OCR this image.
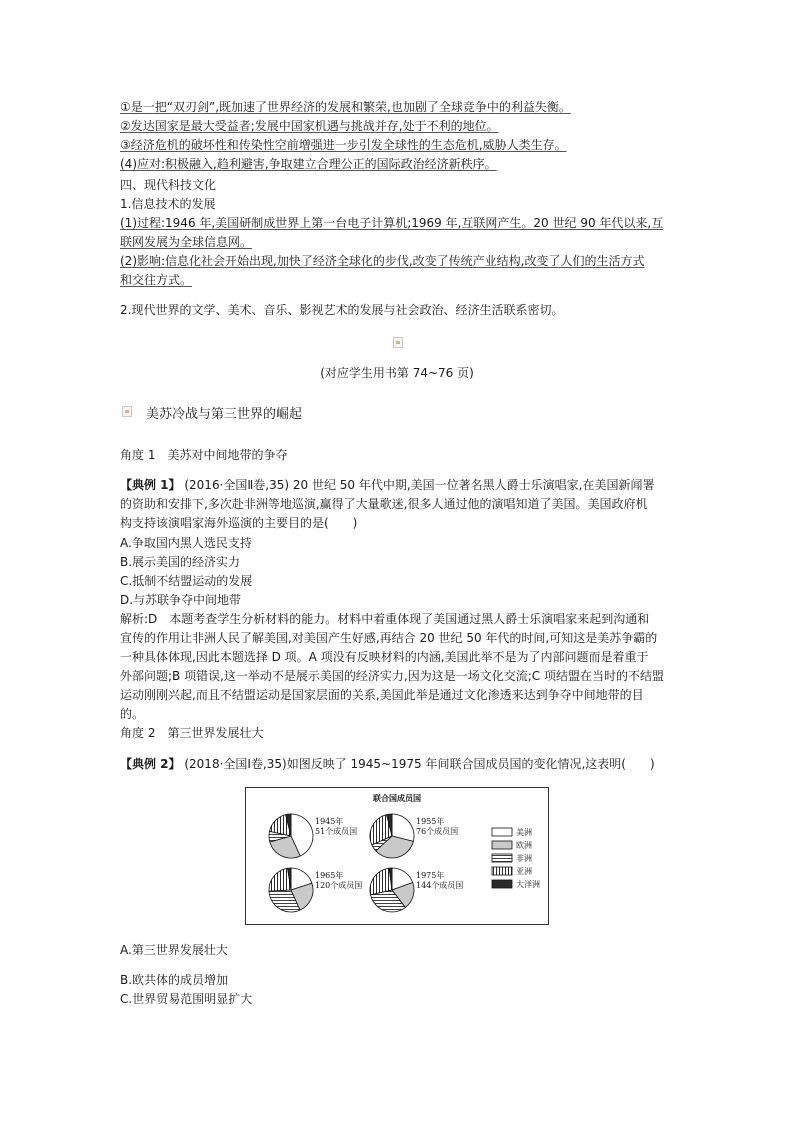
①是一把“双刃剑”,既加速了世界经济的发展和繁荣,也加剧了全球竞争中的利益失衡。
②发达国家是最大受益者;发展中国家机遇与挑战并存,处于不利的地位。
③经济危机的破坏性和传染性空前增强进一步引发全球性的生态危机,威胁人类生存。
(4)应对:积极融入,趋利避害,争取建立合理公正的国际政治经济新秩序。
四、现代科技文化
1.信息技术的发展
(1)过程:1946 年,美国研制成世界上第一台电子计算机;1969 年,互联网产生。20 世纪 90 年代以来,互
联网发展为全球信息网。
(2)影响:信息化社会开始出现,加快了经济全球化的步伐,改变了传统产业结构,改变了人们的生活方式
和交往方式。
2.现代世界的文学、美术、音乐、影视艺术的发展与社会政治、经济生活联系密切。
(对应学生用书第 74~76 页)
美苏冷战与第三世界的崛起
角度 1　美苏对中间地带的争夺
【典例 1】 (2016·全国Ⅱ卷,35) 20 世纪 50 年代中期,美国一位著名黑人爵士乐演唱家,在美国新闻署
的资助和安排下,多次赴非洲等地巡演,赢得了大量歌迷,很多人通过他的演唱知道了美国。美国政府机
构支持该演唱家海外巡演的主要目的是(　　)
A.争取国内黑人选民支持
B.展示美国的经济实力
C.抵制不结盟运动的发展
D.与苏联争夺中间地带
解析:D　本题考查学生分析材料的能力。材料中着重体现了美国通过黑人爵士乐演唱家来起到沟通和
宣传的作用让非洲人民了解美国,对美国产生好感,再结合 20 世纪 50 年代的时间,可知这是美苏争霸的
一种具体体现,因此本题选择 D 项。A 项没有反映材料的内涵,美国此举不是为了内部问题而是着重于
外部问题;B 项错误,这一举动不是展示美国的经济实力,因为这是一场文化交流;C 项结盟在当时的不结盟
运动刚刚兴起,而且不结盟运动是国家层面的关系,美国此举是通过文化渗透来达到争夺中间地带的目
的。
角度 2　第三世界发展壮大
【典例 2】 (2018·全国Ⅰ卷,35)如图反映了 1945~1975 年间联合国成员国的变化情况,这表明(　　)
联合国成员国
1945年
51个成员国
1955年
76个成员国
1965年
120个成员国
1975年
144个成员国
美洲
欧洲
非洲
亚洲
大洋洲
A.第三世界发展壮大
B.欧共体的成员增加
C.世界贸易范围明显扩大
